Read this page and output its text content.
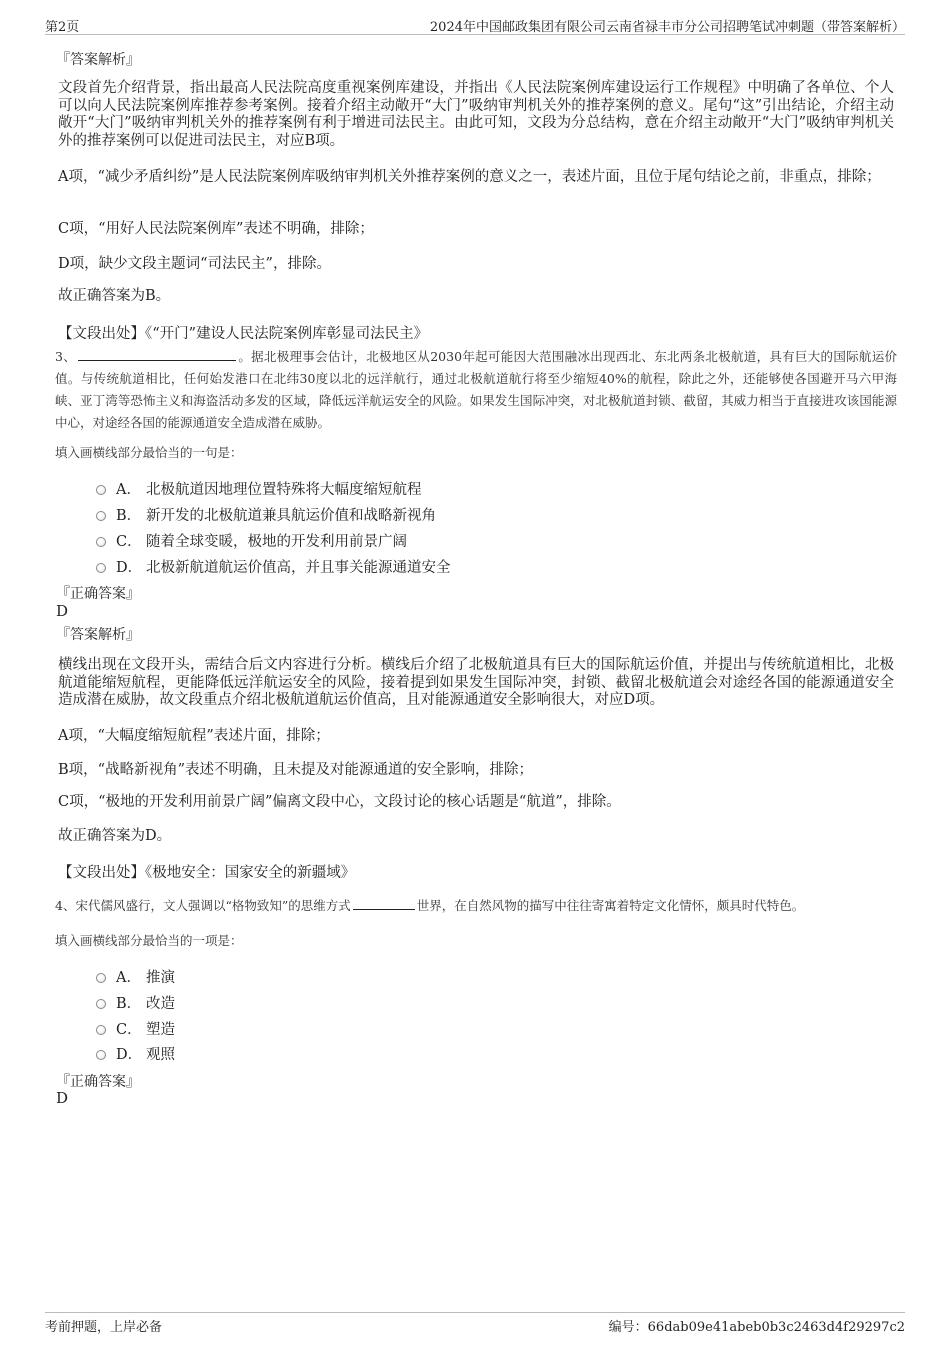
第2页	2024年中国邮政集团有限公司云南省禄丰市分公司招聘笔试冲刺题（带答案解析）
『答案解析』
文段首先介绍背景，指出最高人民法院高度重视案例库建设，并指出《人民法院案例库建设运行工作规程》中明确了各单位、个人可以向人民法院案例库推荐参考案例。接着介绍主动敞开“大门”吸纳审判机关外的推荐案例的意义。尾句“这”引出结论，介绍主动敞开“大门”吸纳审判机关外的推荐案例有利于增进司法民主。由此可知，文段为分总结构，意在介绍主动敞开“大门”吸纳审判机关外的推荐案例可以促进司法民主，对应B项。
A项，“减少矛盾纠纷”是人民法院案例库吸纳审判机关外推荐案例的意义之一，表述片面，且位于尾句结论之前，非重点，排除；
C项，“用好人民法院案例库”表述不明确，排除；
D项，缺少文段主题词“司法民主”，排除。
故正确答案为B。
【文段出处】《“开门”建设人民法院案例库彰显司法民主》
3、	。据北极理事会估计，北极地区从2030年起可能因大范围融冰出现西北、东北两条北极航道，具有巨大的国际航运价值。与传统航道相比，任何始发港口在北纬30度以北的远洋航行，通过北极航道航行将至少缩短40%的航程，除此之外，还能够使各国避开马六甲海峡、亚丁湾等恐怖主义和海盗活动多发的区域，降低远洋航运安全的风险。如果发生国际冲突，对北极航道封锁、截留，其威力相当于直接进攻该国能源中心，对途经各国的能源通道安全造成潜在威胁。
填入画横线部分最恰当的一句是：
A． 北极航道因地理位置特殊将大幅度缩短航程
B． 新开发的北极航道兼具航运价值和战略新视角
C． 随着全球变暖，极地的开发利用前景广阔
D． 北极新航道航运价值高，并且事关能源通道安全
『正确答案』
D
『答案解析』
横线出现在文段开头，需结合后文内容进行分析。横线后介绍了北极航道具有巨大的国际航运价值，并提出与传统航道相比，北极航道能缩短航程，更能降低远洋航运安全的风险，接着提到如果发生国际冲突，封锁、截留北极航道会对途经各国的能源通道安全造成潜在威胁，故文段重点介绍北极航道航运价值高，且对能源通道安全影响很大，对应D项。
A项，“大幅度缩短航程”表述片面，排除；
B项，“战略新视角”表述不明确，且未提及对能源通道的安全影响，排除；
C项，“极地的开发利用前景广阔”偏离文段中心，文段讨论的核心话题是“航道”，排除。
故正确答案为D。
【文段出处】《极地安全：国家安全的新疆域》
4、宋代儒风盛行，文人强调以“格物致知”的思维方式	世界，在自然风物的描写中往往寄寓着特定文化情怀，颇具时代特色。
填入画横线部分最恰当的一项是：
A． 推演
B． 改造
C． 塑造
D． 观照
『正确答案』
D
考前押题，上岸必备	编号：66dab09e41abeb0b3c2463d4f29297c2
